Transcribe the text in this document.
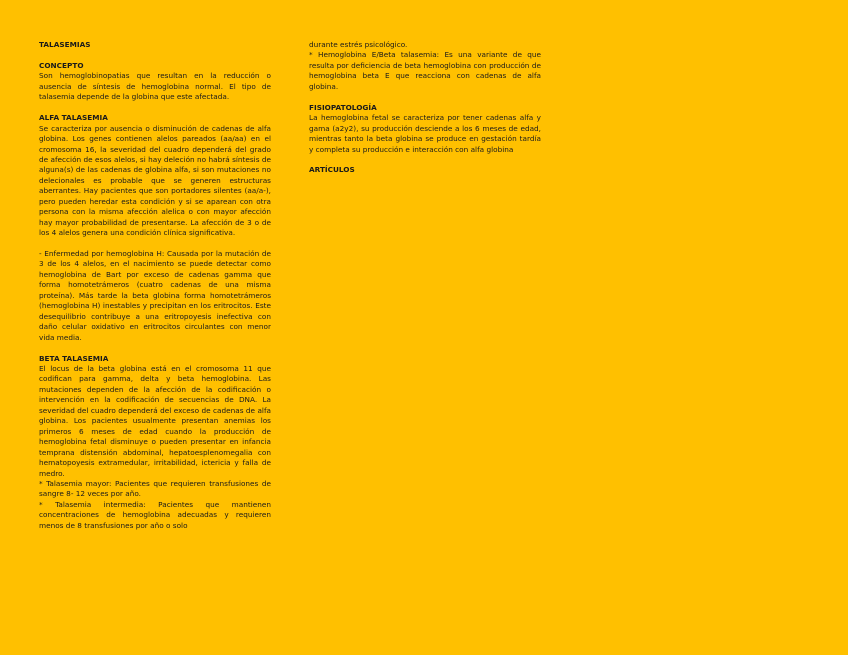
TALASEMIAS

CONCEPTO

Son hemoglobinopatias que resultan en la reducción o ausencia de síntesis de hemoglobina normal. El tipo de talasemia depende de la globina que este afectada.

ALFA TALASEMIA

Se caracteriza por ausencia o disminución de cadenas de alfa globina. Los genes contienen alelos pareados (aa/aa) en el cromosoma 16, la severidad del cuadro dependerá del grado de afección de esos alelos, si hay deleción no habrá síntesis de alguna(s) de las cadenas de globina alfa, si son mutaciones no delecionales es probable que se generen estructuras aberrantes. Hay pacientes que son portadores silentes (aa/a-), pero pueden heredar esta condición y si se aparean con otra persona con la misma afección alelica o con mayor afección hay mayor probabilidad de presentarse. La afección de 3 o de los 4 alelos genera una condición clínica significativa.

- Enfermedad por hemoglobina H: Causada por la mutación de 3 de los 4 alelos, en el nacimiento se puede detectar como hemoglobina de Bart por exceso de cadenas gamma que forma homotetrámeros (cuatro cadenas de una misma proteína). Más tarde la beta globina forma homotetrámeros (hemoglobina H) inestables y precipitan en los eritrocitos. Este desequilibrio contribuye a una eritropoyesis inefectiva con daño celular oxidativo en eritrocitos circulantes con menor vida media.

BETA TALASEMIA

El locus de la beta globina está en el cromosoma 11 que codifican para gamma, delta y beta hemoglobina. Las mutaciones dependen de la afección de la codificación o intervención en la codificación de secuencias de DNA. La severidad del cuadro dependerá del exceso de cadenas de alfa globina. Los pacientes usualmente presentan anemias los primeros 6 meses de edad cuando la producción de hemoglobina fetal disminuye o pueden presentar en infancia temprana distensión abdominal, hepatoesplenomegalia con hematopoyesis extramedular, irritabilidad, ictericia y falla de medro.

* Talasemia mayor: Pacientes que requieren transfusiones de sangre 8- 12 veces por año.

* Talasemia intermedia: Pacientes que mantienen concentraciones de hemoglobina adecuadas y requieren menos de 8 transfusiones por año o solo

durante estrés psicológico.

* Hemoglobina E/Beta talasemia: Es una variante de que resulta por deficiencia de beta hemoglobina con producción de hemoglobina beta E que reacciona con cadenas de alfa globina.

FISIOPATOLOGÍA

La hemoglobina fetal se caracteriza por tener cadenas alfa y gama (a2y2), su producción desciende a los 6 meses de edad, mientras tanto la beta globina se produce en gestación tardía y completa su producción e interacción con alfa globina

ARTÍCULOS
